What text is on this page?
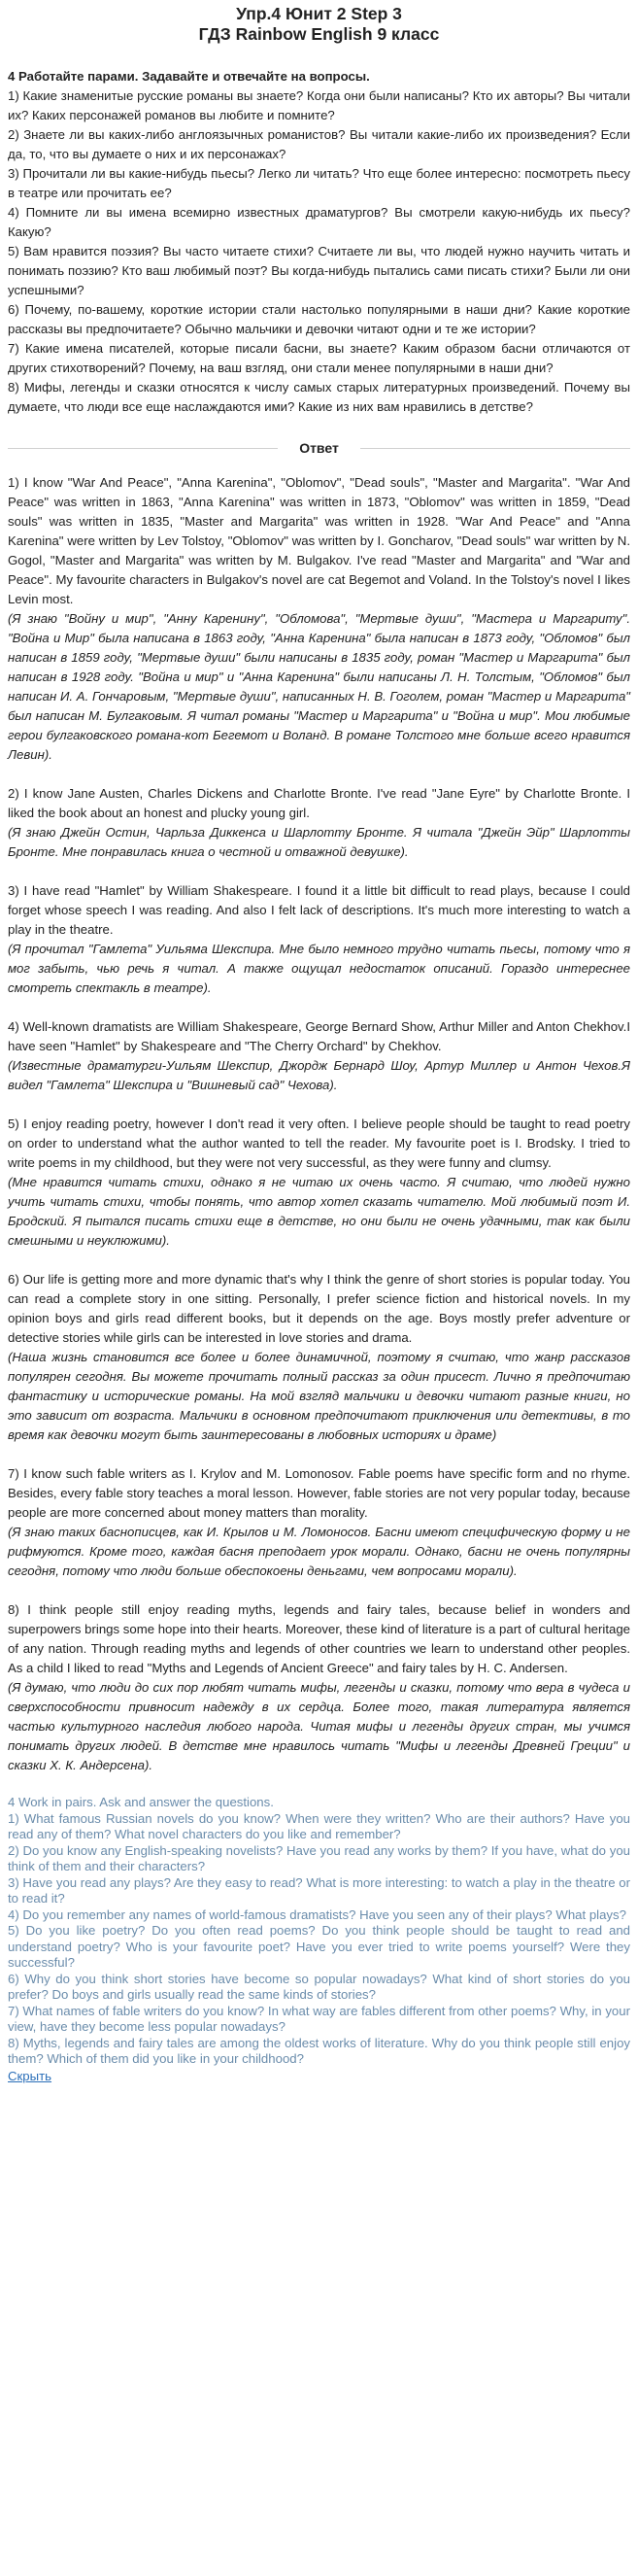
Упр.4 Юнит 2 Step 3
ГДЗ Rainbow English 9 класс

4 Работайте парами. Задавайте и отвечайте на вопросы.

1) Какие знаменитые русские романы вы знаете? Когда они были написаны? Кто их авторы? Вы читали их? Каких персонажей романов вы любите и помните?

2) Знаете ли вы каких-либо англоязычных романистов? Вы читали какие-либо их произведения? Если да, то, что вы думаете о них и их персонажах?

3) Прочитали ли вы какие-нибудь пьесы? Легко ли читать? Что еще более интересно: посмотреть пьесу в театре или прочитать ее?

4) Помните ли вы имена всемирно известных драматургов? Вы смотрели какую-нибудь их пьесу? Какую?

5) Вам нравится поэзия? Вы часто читаете стихи? Считаете ли вы, что людей нужно научить читать и понимать поэзию? Кто ваш любимый поэт? Вы когда-нибудь пытались сами писать стихи? Были ли они успешными?

6) Почему, по-вашему, короткие истории стали настолько популярными в наши дни? Какие короткие рассказы вы предпочитаете? Обычно мальчики и девочки читают одни и те же истории?

7) Какие имена писателей, которые писали басни, вы знаете? Каким образом басни отличаются от других стихотворений? Почему, на ваш взгляд, они стали менее популярными в наши дни?

8) Мифы, легенды и сказки относятся к числу самых старых литературных произведений. Почему вы думаете, что люди все еще наслаждаются ими? Какие из них вам нравились в детстве?

Ответ

1) I know "War And Peace", "Anna Karenina", "Oblomov", "Dead souls", "Master and Margarita". "War And Peace" was written in 1863, "Anna Karenina" was written in 1873, "Oblomov" was written in 1859, "Dead souls" was written in 1835, "Master and Margarita" was written in 1928. "War And Peace" and "Anna Karenina" were written by Lev Tolstoy, "Oblomov" was written by I. Goncharov, "Dead souls" war written by N. Gogol, "Master and Margarita" was written by M. Bulgakov. I've read "Master and Margarita" and "War and Peace". My favourite characters in Bulgakov's novel are cat Begemot and Voland. In the Tolstoy's novel I likes Levin most.

(Я знаю "Войну и мир", "Анну Каренину", "Обломова", "Мертвые души", "Мастера и Маргариту". "Война и Мир" была написана в 1863 году, "Анна Каренина" была написан в 1873 году, "Обломов" был написан в 1859 году, "Мертвые души" были написаны в 1835 году, роман "Мастер и Маргарита" был написан в 1928 году. "Война и мир" и "Анна Каренина" были написаны Л. Н. Толстым, "Обломов" был написан И. А. Гончаровым, "Мертвые души", написанных Н. В. Гоголем, роман "Мастер и Маргарита" был написан М. Булгаковым. Я читал романы "Мастер и Маргарита" и "Война и мир". Мои любимые герои булгаковского романа-кот Бегемот и Воланд. В романе Толстого мне больше всего нравится Левин).

2) I know Jane Austen, Charles Dickens and Charlotte Bronte. I've read "Jane Eyre" by Charlotte Bronte. I liked the book about an honest and plucky young girl.

(Я знаю Джейн Остин, Чарльза Диккенса и Шарлотту Бронте. Я читала "Джейн Эйр" Шарлотты Бронте. Мне понравилась книга о честной и отважной девушке).

3) I have read "Hamlet" by William Shakespeare. I found it a little bit difficult to read plays, because I could forget whose speech I was reading. And also I felt lack of descriptions. It's much more interesting to watch a play in the theatre.

(Я прочитал "Гамлета" Уильяма Шекспира. Мне было немного трудно читать пьесы, потому что я мог забыть, чью речь я читал. А также ощущал недостаток описаний. Гораздо интереснее смотреть спектакль в театре).

4) Well-known dramatists are William Shakespeare, George Bernard Show, Arthur Miller and Anton Chekhov.I have seen "Hamlet" by Shakespeare and "The Cherry Orchard" by Chekhov.

(Известные драматурги-Уильям Шекспир, Джордж Бернард Шоу, Артур Миллер и Антон Чехов.Я видел "Гамлета" Шекспира и "Вишневый сад" Чехова).

5) I enjoy reading poetry, however I don't read it very often. I believe people should be taught to read poetry on order to understand what the author wanted to tell the reader. My favourite poet is I. Brodsky. I tried to write poems in my childhood, but they were not very successful, as they were funny and clumsy.

(Мне нравится читать стихи, однако я не читаю их очень часто. Я считаю, что людей нужно учить читать стихи, чтобы понять, что автор хотел сказать читателю. Мой любимый поэт И. Бродский. Я пытался писать стихи еще в детстве, но они были не очень удачными, так как были смешными и неуклюжими).

6) Our life is getting more and more dynamic that's why I think the genre of short stories is popular today. You can read a complete story in one sitting. Personally, I prefer science fiction and historical novels. In my opinion boys and girls read different books, but it depends on the age. Boys mostly prefer adventure or detective stories while girls can be interested in love stories and drama.

(Наша жизнь становится все более и более динамичной, поэтому я считаю, что жанр рассказов популярен сегодня. Вы можете прочитать полный рассказ за один присест. Лично я предпочитаю фантастику и исторические романы. На мой взгляд мальчики и девочки читают разные книги, но это зависит от возраста. Мальчики в основном предпочитают приключения или детективы, в то время как девочки могут быть заинтересованы в любовных историях и драме)

7) I know such fable writers as I. Krylov and M. Lomonosov. Fable poems have specific form and no rhyme. Besides, every fable story teaches a moral lesson. However, fable stories are not very popular today, because people are more concerned about money matters than morality.

(Я знаю таких баснописцев, как И. Крылов и М. Ломоносов. Басни имеют специфическую форму и не рифмуются. Кроме того, каждая басня преподает урок морали. Однако, басни не очень популярны сегодня, потому что люди больше обеспокоены деньгами, чем вопросами морали).

8) I think people still enjoy reading myths, legends and fairy tales, because belief in wonders and superpowers brings some hope into their hearts. Moreover, these kind of literature is a part of cultural heritage of any nation. Through reading myths and legends of other countries we learn to understand other peoples. As a child I liked to read "Myths and Legends of Ancient Greece" and fairy tales by H. C. Andersen.

(Я думаю, что люди до сих пор любят читать мифы, легенды и сказки, потому что вера в чудеса и сверхспособности привносит надежду в их сердца. Более того, такая литература является частью культурного наследия любого народа. Читая мифы и легенды других стран, мы учимся понимать других людей. В детстве мне нравилось читать "Мифы и легенды Древней Греции" и сказки Х. К. Андерсена).

4 Work in pairs. Ask and answer the questions.

1) What famous Russian novels do you know? When were they written? Who are their authors? Have you read any of them? What novel characters do you like and remember?

2) Do you know any English-speaking novelists? Have you read any works by them? If you have, what do you think of them and their characters?

3) Have you read any plays? Are they easy to read? What is more interesting: to watch a play in the theatre or to read it?

4) Do you remember any names of world-famous dramatists? Have you seen any of their plays? What plays?

5) Do you like poetry? Do you often read poems? Do you think people should be taught to read and understand poetry? Who is your favourite poet? Have you ever tried to write poems yourself? Were they successful?

6) Why do you think short stories have become so popular nowadays? What kind of short stories do you prefer? Do boys and girls usually read the same kinds of stories?

7) What names of fable writers do you know? In what way are fables different from other poems? Why, in your view, have they become less popular nowadays?

8) Myths, legends and fairy tales are among the oldest works of literature. Why do you think people still enjoy them? Which of them did you like in your childhood?

Скрыть
